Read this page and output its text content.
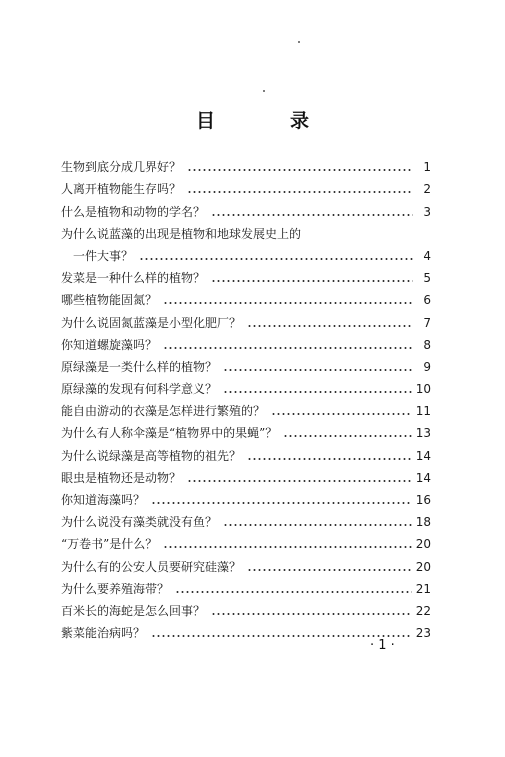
目　录
生物到底分成几界好？	1
人离开植物能生存吗？	2
什么是植物和动物的学名？	3
为什么说蓝藻的出现是植物和地球发展史上的
一件大事？	4
发菜是一种什么样的植物？	5
哪些植物能固氮？	6
为什么说固氮蓝藻是小型化肥厂？	7
你知道螺旋藻吗？	8
原绿藻是一类什么样的植物？	9
原绿藻的发现有何科学意义？	10
能自由游动的衣藻是怎样进行繁殖的？	11
为什么有人称伞藻是“植物界中的果蝇”？	13
为什么说绿藻是高等植物的祖先？	14
眼虫是植物还是动物？	14
你知道海藻吗？	16
为什么说没有藻类就没有鱼？	18
“万卷书”是什么？	20
为什么有的公安人员要研究硅藻？	20
为什么要养殖海带？	21
百米长的海蛇是怎么回事？	22
紫菜能治病吗？	23
· 1 ·
